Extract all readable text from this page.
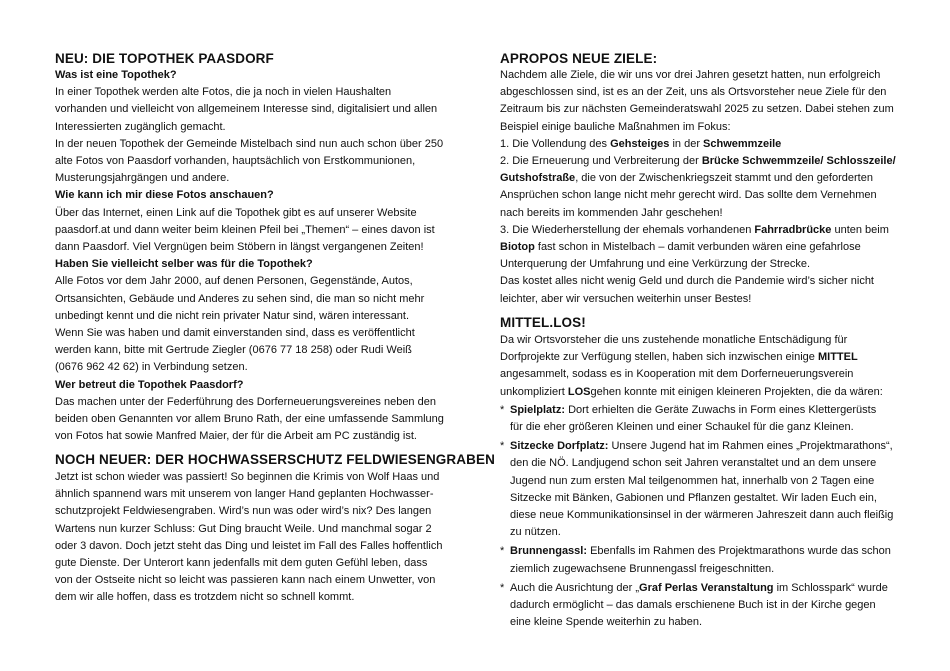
NEU: DIE TOPOTHEK PAASDORF
Was ist eine Topothek?
In einer Topothek werden alte Fotos, die ja noch in vielen Haushalten
vorhanden und vielleicht von allgemeinem Interesse sind, digitalisiert und allen
Interessierten zugänglich gemacht.
In der neuen Topothek der Gemeinde Mistelbach sind nun auch schon über 250
alte Fotos von Paasdorf vorhanden, hauptsächlich von Erstkommunionen,
Musterungsjahrgängen und andere.
Wie kann ich mir diese Fotos anschauen?
Über das Internet, einen Link auf die Topothek gibt es auf unserer Website
paasdorf.at und dann weiter beim kleinen Pfeil bei „Themen“ – eines davon ist
dann Paasdorf. Viel Vergnügen beim Stöbern in längst vergangenen Zeiten!
Haben Sie vielleicht selber was für die Topothek?
Alle Fotos vor dem Jahr 2000, auf denen Personen, Gegenstände, Autos,
Ortsansichten, Gebäude und Anderes zu sehen sind, die man so nicht mehr
unbedingt kennt und die nicht rein privater Natur sind, wären interessant.
Wenn Sie was haben und damit einverstanden sind, dass es veröffentlicht
werden kann, bitte mit Gertrude Ziegler (0676 77 18 258) oder Rudi Weiß
(0676 962 42 62) in Verbindung setzen.
Wer betreut die Topothek Paasdorf?
Das machen unter der Federführung des Dorferneuerungsvereines neben den
beiden oben Genannten vor allem Bruno Rath, der eine umfassende Sammlung
von Fotos hat sowie Manfred Maier, der für die Arbeit am PC zuständig ist.
NOCH NEUER: DER HOCHWASSERSCHUTZ FELDWIESENGRABEN
Jetzt ist schon wieder was passiert! So beginnen die Krimis von Wolf Haas und
ähnlich spannend wars mit unserem von langer Hand geplanten Hochwasser-
schutzprojekt Feldwiesengraben. Wird’s nun was oder wird’s nix? Des langen
Wartens nun kurzer Schluss: Gut Ding braucht Weile. Und manchmal sogar 2
oder 3 davon. Doch jetzt steht das Ding und leistet im Fall des Falles hoffentlich
gute Dienste. Der Unterort kann jedenfalls mit dem guten Gefühl leben, dass
von der Ostseite nicht so leicht was passieren kann nach einem Unwetter, von
dem wir alle hoffen, dass es trotzdem nicht so schnell kommt.
APROPOS NEUE ZIELE:
Nachdem alle Ziele, die wir uns vor drei Jahren gesetzt hatten, nun erfolgreich
abgeschlossen sind, ist es an der Zeit, uns als Ortsvorsteher neue Ziele für den
Zeitraum bis zur nächsten Gemeinderatswahl 2025 zu setzen. Dabei stehen zum
Beispiel einige bauliche Maßnahmen im Fokus:
1. Die Vollendung des Gehsteiges in der Schwemmzeile
2. Die Erneuerung und Verbreiterung der Brücke Schwemmzeile/ Schlosszeile/
Gutshofstraße, die von der Zwischenkriegszeit stammt und den geforderten
Ansprüchen schon lange nicht mehr gerecht wird. Das sollte dem Vernehmen
nach bereits im kommenden Jahr geschehen!
3. Die Wiederherstellung der ehemals vorhandenen Fahrradbrücke unten beim
Biotop fast schon in Mistelbach – damit verbunden wären eine gefahrlose
Unterquerung der Umfahrung und eine Verkürzung der Strecke.
Das kostet alles nicht wenig Geld und durch die Pandemie wird’s sicher nicht
leichter, aber wir versuchen weiterhin unser Bestes!
MITTEL.LOS!
Da wir Ortsvorsteher die uns zustehende monatliche Entschädigung für
Dorfprojekte zur Verfügung stellen, haben sich inzwischen einige MITTEL
angesammelt, sodass es in Kooperation mit dem Dorferneuerungsverein
unkompliziert LOSgehen konnte mit einigen kleineren Projekten, die da wären:
* Spielplatz: Dort erhielten die Geräte Zuwachs in Form eines Klettergerüsts
für die eher größeren Kleinen und einer Schaukel für die ganz Kleinen.
* Sitzecke Dorfplatz: Unsere Jugend hat im Rahmen eines „Projektmarathons“,
den die NÖ. Landjugend schon seit Jahren veranstaltet und an dem unsere
Jugend nun zum ersten Mal teilgenommen hat, innerhalb von 2 Tagen eine
Sitzecke mit Bänken, Gabionen und Pflanzen gestaltet. Wir laden Euch ein,
diese neue Kommunikationsinsel in der wärmeren Jahreszeit dann auch fleißig
zu nützen.
* Brunnengassl: Ebenfalls im Rahmen des Projektmarathons wurde das schon
ziemlich zugewachsene Brunnengassl freigeschnitten.
* Auch die Ausrichtung der „Graf Perlas Veranstaltung im Schlosspark“ wurde
dadurch ermöglicht – das damals erschienene Buch ist in der Kirche gegen
eine kleine Spende weiterhin zu haben.
